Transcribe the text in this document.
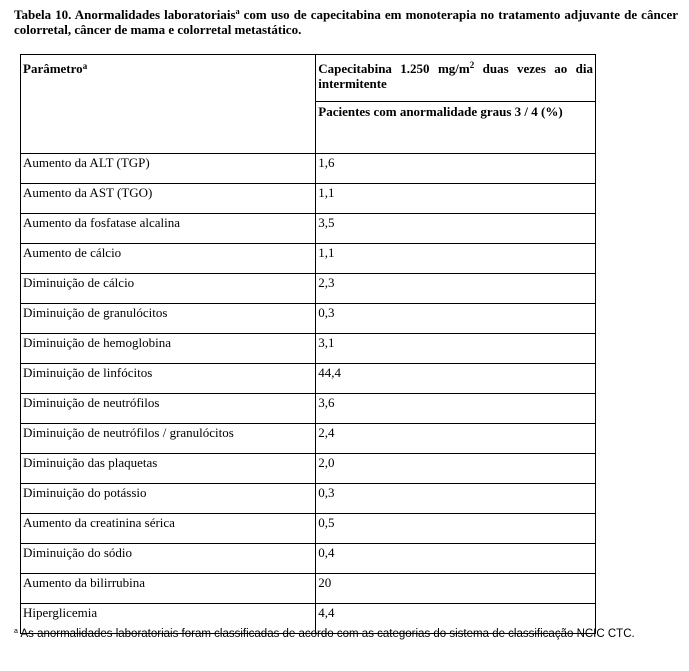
Tabela 10. Anormalidades laboratoriais$^a$ com uso de capecitabina em monoterapia no tratamento adjuvante de câncer colorretal, câncer de mama e colorretal metastático.
Parâmetro$^a$	Capecitabina 1.250 $mg/m^2$ duas vezes ao dia intermitente
	Pacientes com anormalidade graus 3 / 4 (%)
Aumento da ALT (TGP)	1,6
Aumento da AST (TGO)	1,1
Aumento da fosfatase alcalina	3,5
Aumento de cálcio	1,1
Diminuição de cálcio	2,3
Diminuição de granulócitos	0,3
Diminuição de hemoglobina	3,1
Diminuição de linfócitos	44,4
Diminuição de neutrófilos	3,6
Diminuição de neutrófilos / granulócitos	2,4
Diminuição das plaquetas	2,0
Diminuição do potássio	0,3
Aumento da creatinina sérica	0,5
Diminuição do sódio	0,4
Aumento da bilirrubina	20
Hiperglicemia	4,4
$^a$ As anormalidades laboratoriais foram classificadas de acordo com as categorias do sistema de classificação NCIC CTC.
